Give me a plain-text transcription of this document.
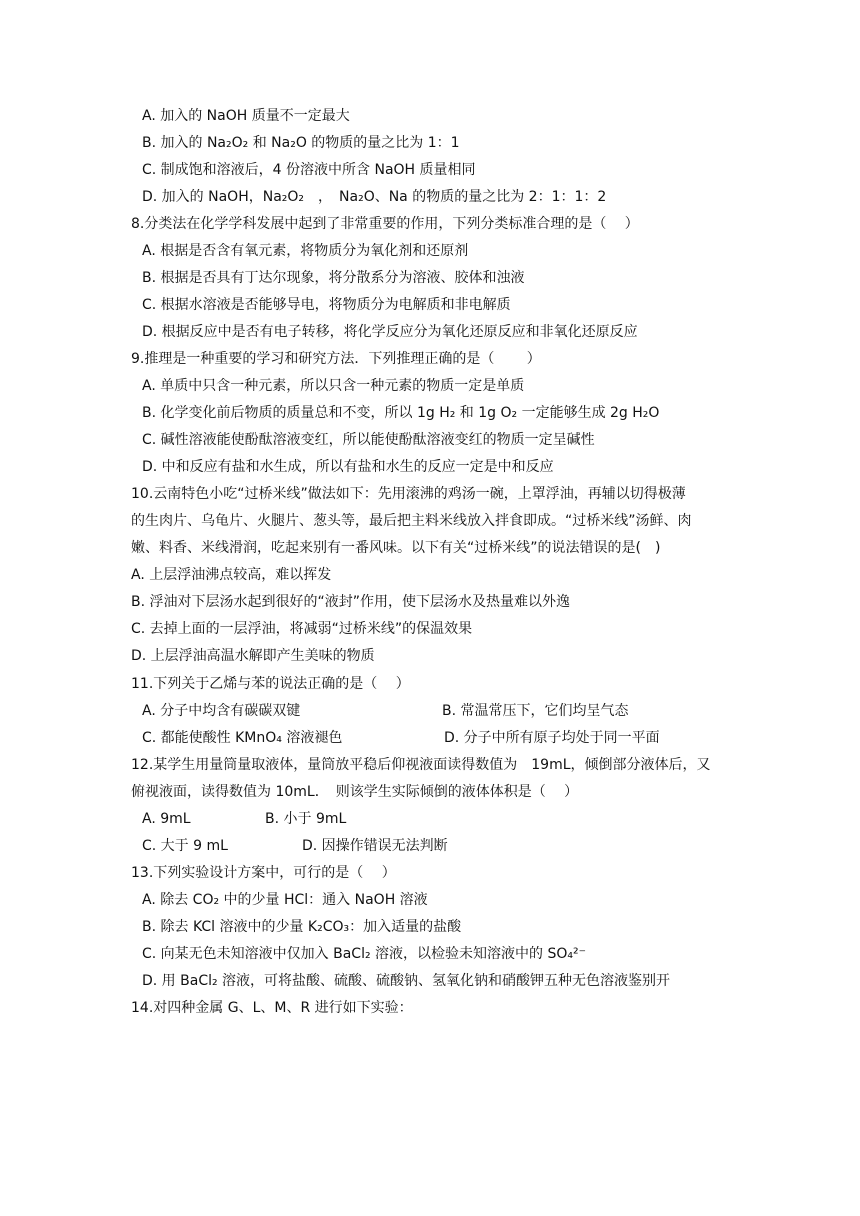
A. 加入的 NaOH 质量不一定最大
B. 加入的 Na₂O₂ 和 Na₂O 的物质的量之比为 1：1
C. 制成饱和溶液后，4 份溶液中所含 NaOH 质量相同
D. 加入的 NaOH，Na₂O₂　，　Na₂O、Na 的物质的量之比为 2：1：1：2
8.分类法在化学学科发展中起到了非常重要的作用，下列分类标准合理的是（　 ）
A. 根据是否含有氧元素，将物质分为氧化剂和还原剂
B. 根据是否具有丁达尔现象，将分散系分为溶液、胶体和浊液
C. 根据水溶液是否能够导电，将物质分为电解质和非电解质
D. 根据反应中是否有电子转移，将化学反应分为氧化还原反应和非氧化还原反应
9.推理是一种重要的学习和研究方法．下列推理正确的是（　　 ）
A. 单质中只含一种元素，所以只含一种元素的物质一定是单质
B. 化学变化前后物质的质量总和不变，所以 1g H₂ 和 1g O₂ 一定能够生成 2g H₂O
C. 碱性溶液能使酚酞溶液变红，所以能使酚酞溶液变红的物质一定呈碱性
D. 中和反应有盐和水生成，所以有盐和水生的反应一定是中和反应
10.云南特色小吃“过桥米线”做法如下：先用滚沸的鸡汤一碗，上罩浮油，再辅以切得极薄
的生肉片、乌龟片、火腿片、葱头等，最后把主料米线放入拌食即成。“过桥米线”汤鲜、肉
嫩、料香、米线滑润，吃起来别有一番风味。以下有关“过桥米线”的说法错误的是(　)
A. 上层浮油沸点较高，难以挥发
B. 浮油对下层汤水起到很好的“液封”作用，使下层汤水及热量难以外逸
C. 去掉上面的一层浮油，将减弱“过桥米线”的保温效果
D. 上层浮油高温水解即产生美味的物质
11.下列关于乙烯与苯的说法正确的是（　 ）
A. 分子中均含有碳碳双键	B. 常温常压下，它们均呈气态
C. 都能使酸性 KMnO₄ 溶液褪色	D. 分子中所有原子均处于同一平面
12.某学生用量筒量取液体，量筒放平稳后仰视液面读得数值为　19mL，倾倒部分液体后，又
俯视液面，读得数值为 10mL．　则该学生实际倾倒的液体体积是（　 ）
A. 9mL	B. 小于 9mL
C. 大于 9 mL	D. 因操作错误无法判断
13.下列实验设计方案中，可行的是（　 ）
A. 除去 CO₂ 中的少量 HCl：通入 NaOH 溶液
B. 除去 KCl 溶液中的少量 K₂CO₃：加入适量的盐酸
C. 向某无色未知溶液中仅加入 BaCl₂ 溶液，以检验未知溶液中的 SO₄²⁻
D. 用 BaCl₂ 溶液，可将盐酸、硫酸、硫酸钠、氢氧化钠和硝酸钾五种无色溶液鉴别开
14.对四种金属 G、L、M、R 进行如下实验：
